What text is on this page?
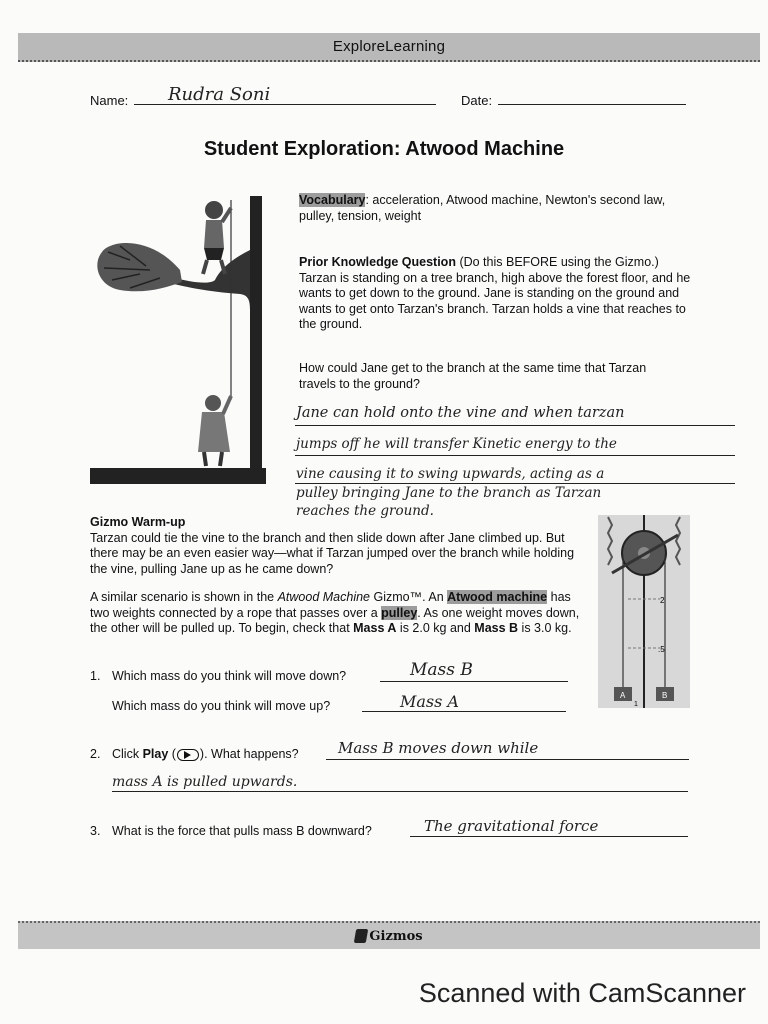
ExploreLearning
Name: Rudra Soni	Date:
Student Exploration: Atwood Machine
Vocabulary: acceleration, Atwood machine, Newton's second law, pulley, tension, weight
Prior Knowledge Question (Do this BEFORE using the Gizmo.)
Tarzan is standing on a tree branch, high above the forest floor, and he wants to get down to the ground. Jane is standing on the ground and wants to get onto Tarzan's branch. Tarzan holds a vine that reaches to the ground.
How could Jane get to the branch at the same time that Tarzan travels to the ground?
Jane can hold onto the vine and when tarzan
jumps off he will transfer Kinetic energy to the
vine causing it to swing upwards, acting as a
pulley bringing Jane to the branch as Tarzan
reaches the ground.
Gizmo Warm-up
Tarzan could tie the vine to the branch and then slide down after Jane climbed up. But there may be an even easier way—what if Tarzan jumped over the branch while holding the vine, pulling Jane up as he came down?
A similar scenario is shown in the Atwood Machine Gizmo™. An Atwood machine has two weights connected by a rope that passes over a pulley. As one weight moves down, the other will be pulled up. To begin, check that Mass A is 2.0 kg and Mass B is 3.0 kg.
2
.5
A	B
1
1. Which mass do you think will move down?	Mass B
Which mass do you think will move up?	Mass A
2. Click Play ( ). What happens?	Mass B moves down while
mass A is pulled upwards.
3. What is the force that pulls mass B downward?	The gravitational force
Gizmos
Scanned with CamScanner
